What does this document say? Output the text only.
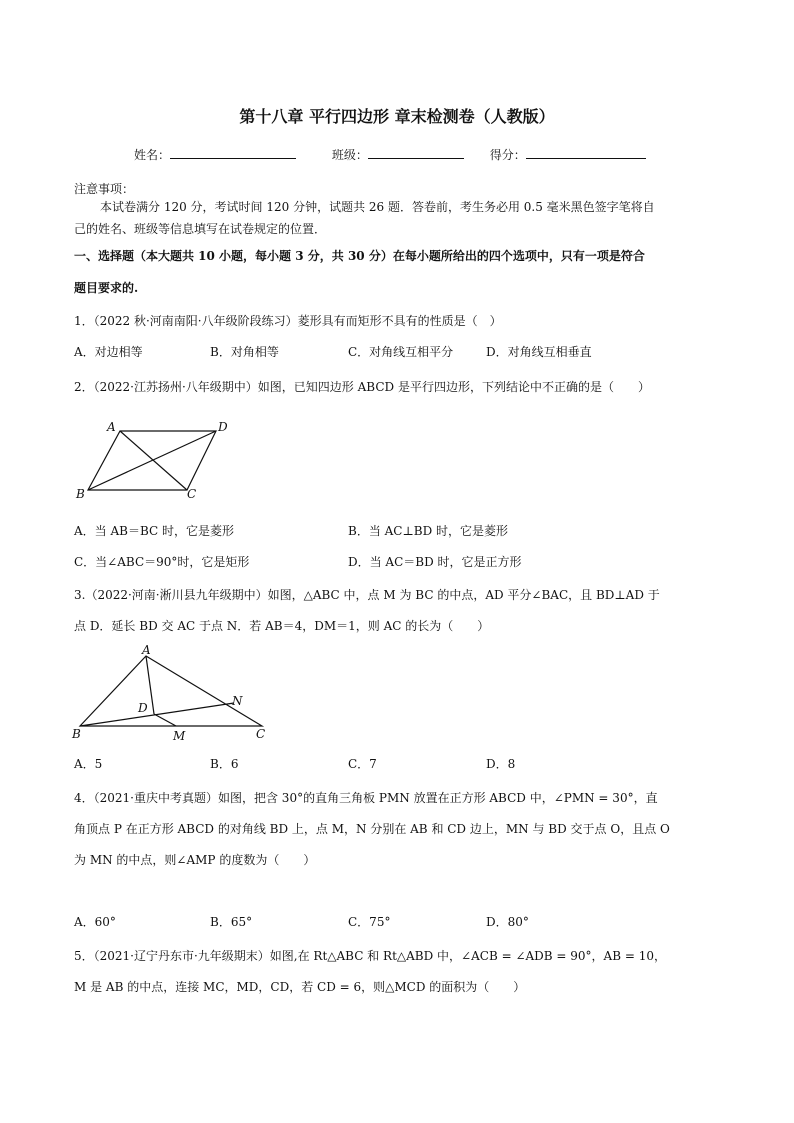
第十八章 平行四边形 章末检测卷（人教版）
姓名：	班级：	得分：
注意事项：
本试卷满分 120 分，考试时间 120 分钟，试题共 26 题．答卷前，考生务必用 0.5 毫米黑色签字笔将自
己的姓名、班级等信息填写在试卷规定的位置．
一、选择题（本大题共 10 小题，每小题 3 分，共 30 分）在每小题所给出的四个选项中，只有一项是符合
题目要求的.
1．（2022 秋·河南南阳·八年级阶段练习）菱形具有而矩形不具有的性质是（　）
A．对边相等	B．对角相等	C．对角线互相平分	D．对角线互相垂直
2．（2022·江苏扬州·八年级期中）如图，已知四边形 ABCD 是平行四边形，下列结论中不正确的是（　　）
A	D
B	C
A．当 AB＝BC 时，它是菱形	B．当 AC⊥BD 时，它是菱形
C．当∠ABC＝90°时，它是矩形	D．当 AC＝BD 时，它是正方形
3.（2022·河南·淅川县九年级期中）如图，△ABC 中，点 M 为 BC 的中点，AD 平分∠BAC，且 BD⊥AD 于
点 D．延长 BD 交 AC 于点 N．若 AB＝4，DM＝1，则 AC 的长为（　　）
A
D	N
B	M	C
A．5	B．6	C．7	D．8
4．（2021·重庆中考真题）如图，把含 30°的直角三角板 PMN 放置在正方形 ABCD 中，∠PMN = 30°，直
角顶点 P 在正方形 ABCD 的对角线 BD 上，点 M，N 分别在 AB 和 CD 边上，MN 与 BD 交于点 O，且点 O
为 MN 的中点，则∠AMP 的度数为（　　）
A．60°	B．65°	C．75°	D．80°
5．（2021·辽宁丹东市·九年级期末）如图,在 Rt△ABC 和 Rt△ABD 中，∠ACB = ∠ADB = 90°，AB = 10，
M 是 AB 的中点，连接 MC，MD，CD，若 CD = 6，则△MCD 的面积为（　　）
